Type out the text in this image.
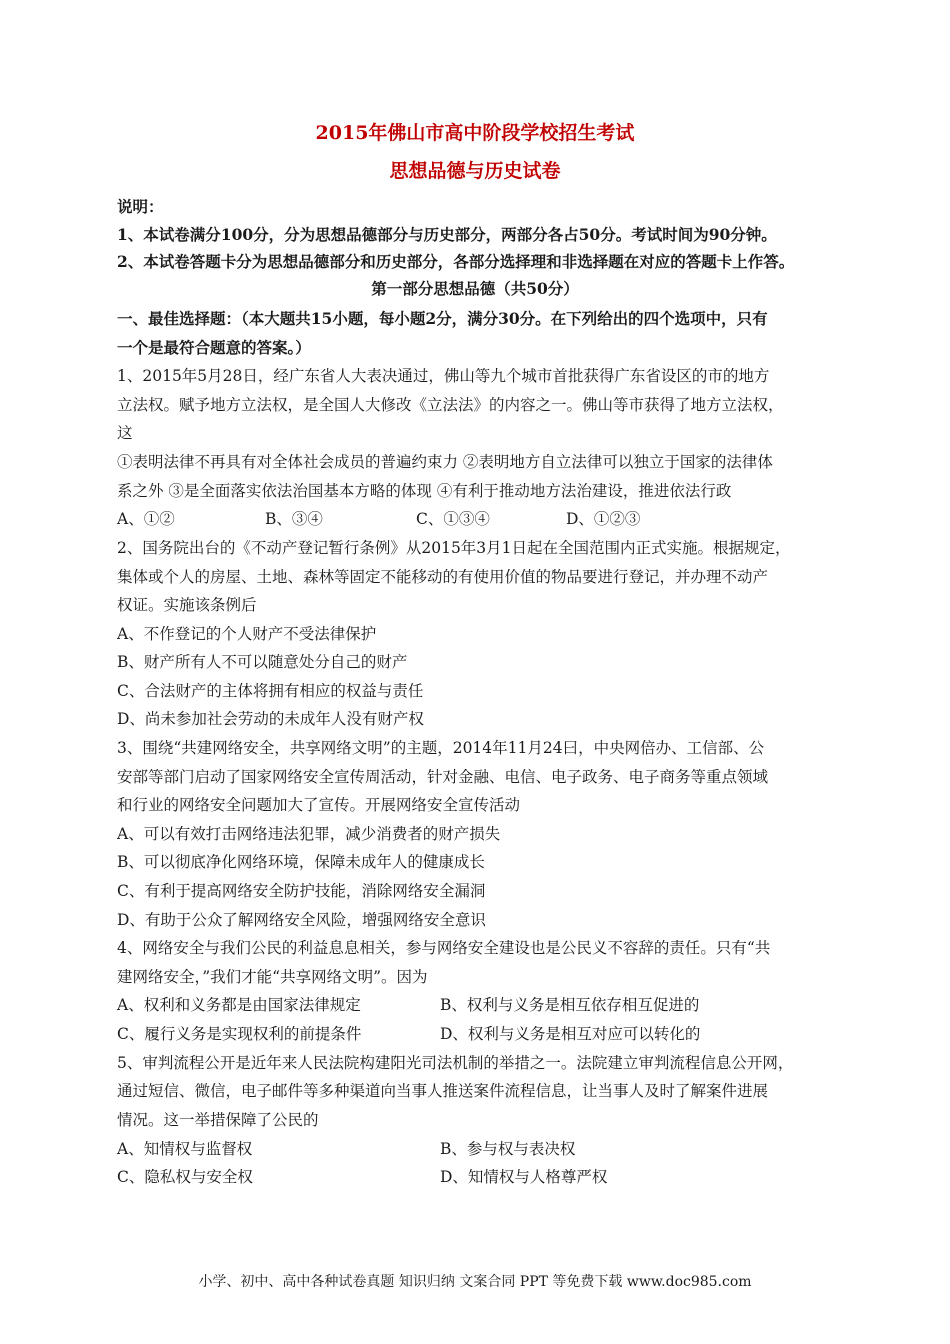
2015年佛山市高中阶段学校招生考试
思想品德与历史试卷
说明：
1、本试卷满分100分，分为思想品德部分与历史部分，两部分各占50分。考试时间为90分钟。
2、本试卷答题卡分为思想品德部分和历史部分，各部分选择理和非选择题在对应的答题卡上作答。
第一部分思想品德（共50分）
一、最佳选择题：（本大题共15小题，每小题2分，满分30分。在下列给出的四个选项中，只有
一个是最符合题意的答案。）
1、2015年5月28日，经广东省人大表决通过，佛山等九个城市首批获得广东省设区的市的地方
立法权。赋予地方立法权，是全国人大修改《立法法》的内容之一。佛山等市获得了地方立法权，
这
①表明法律不再具有对全体社会成员的普遍约束力 ②表明地方自立法律可以独立于国家的法律体
系之外 ③是全面落实依法治国基本方略的体现 ④有利于推动地方法治建设，推进依法行政
A、①②	B、③④	C、①③④	D、①②③
2、国务院出台的《不动产登记暂行条例》从2015年3月1日起在全国范围内正式实施。根据规定，
集体或个人的房屋、土地、森林等固定不能移动的有使用价值的物品要进行登记，并办理不动产
权证。实施该条例后
A、不作登记的个人财产不受法律保护
B、财产所有人不可以随意处分自己的财产
C、合法财产的主体将拥有相应的权益与责任
D、尚未参加社会劳动的未成年人没有财产权
3、围绕“共建网络安全，共享网络文明”的主题，2014年11月24曰，中央网倍办、工信部、公
安部等部门启动了国家网络安全宣传周活动，针对金融、电信、电子政务、电子商务等重点领域
和行业的网络安全问题加大了宣传。开展网络安全宣传活动
A、可以有效打击网络违法犯罪，减少消费者的财产损失
B、可以彻底净化网络环境，保障未成年人的健康成长
C、有利于提高网络安全防护技能，消除网络安全漏洞
D、有助于公众了解网络安全风险，增强网络安全意识
4、网络安全与我们公民的利益息息相关，参与网络安全建设也是公民义不容辞的责任。只有“共
建网络安全，”我们才能“共享网络文明”。因为
A、权利和义务都是由国家法律规定	B、权利与义务是相互依存相互促进的
C、履行义务是实现权利的前提条件	D、权利与义务是相互对应可以转化的
5、审判流程公开是近年来人民法院构建阳光司法机制的举措之一。法院建立审判流程信息公开网，
通过短信、微信，电子邮件等多种渠道向当事人推送案件流程信息，让当事人及时了解案件进展
情况。这一举措保障了公民的
A、知情权与监督权	B、参与权与表决权
C、隐私权与安全权	D、知情权与人格尊严权
小学、初中、高中各种试卷真题 知识归纳 文案合同 PPT 等免费下载 www.doc985.com
